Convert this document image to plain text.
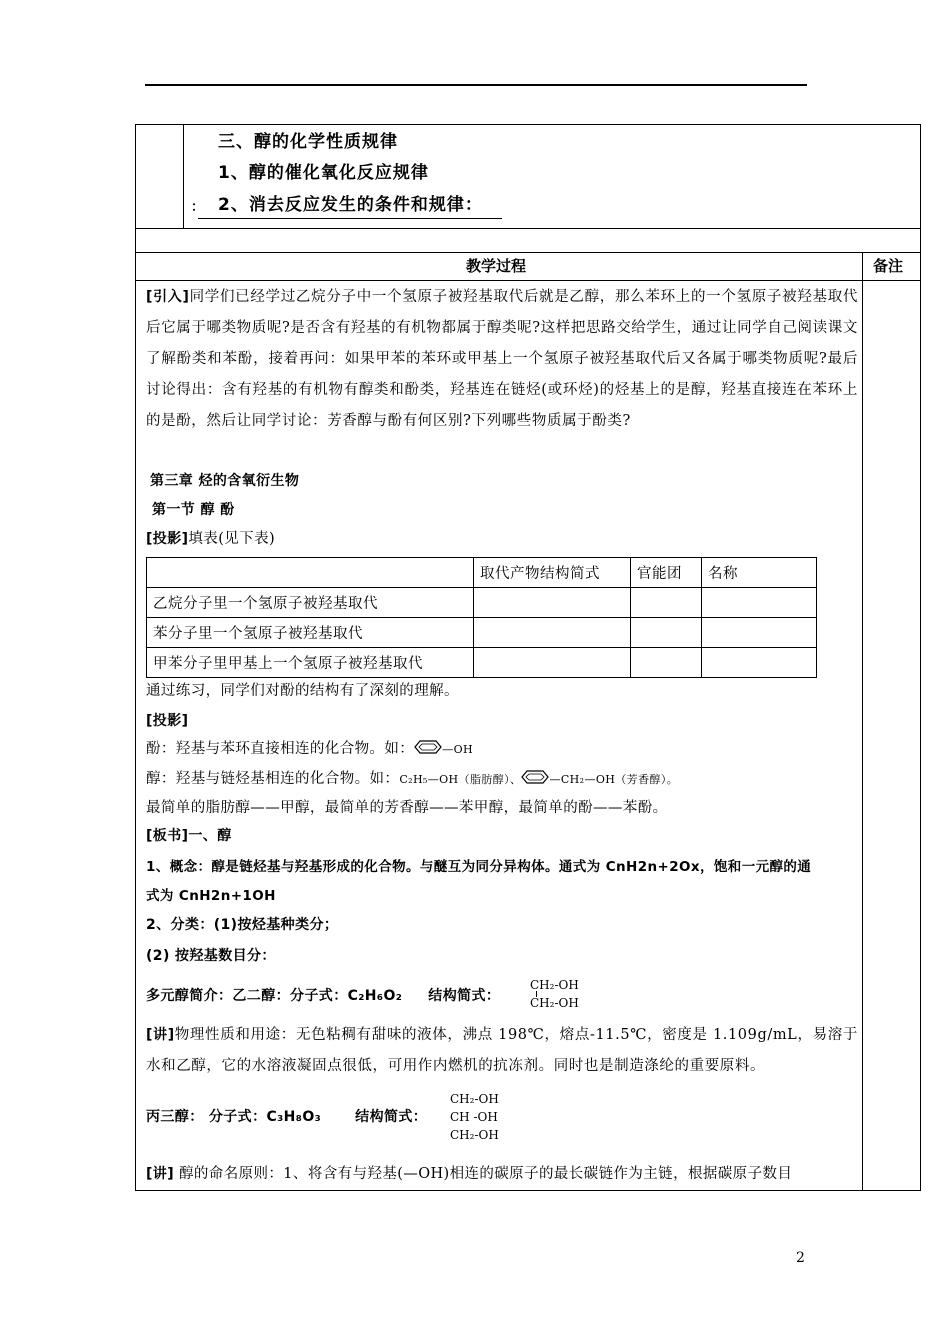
三、醇的化学性质规律
1、醇的催化氧化反应规律
： 2、消去反应发生的条件和规律：
教学过程	备注
[引入]同学们已经学过乙烷分子中一个氢原子被羟基取代后就是乙醇，那么苯环上的一个氢原子被羟基取代后它属于哪类物质呢?是否含有羟基的有机物都属于醇类呢?这样把思路交给学生，通过让同学自己阅读课文了解酚类和苯酚，接着再问：如果甲苯的苯环或甲基上一个氢原子被羟基取代后又各属于哪类物质呢?最后讨论得出：含有羟基的有机物有醇类和酚类，羟基连在链烃(或环烃)的烃基上的是醇，羟基直接连在苯环上的是酚，然后让同学讨论：芳香醇与酚有何区别?下列哪些物质属于酚类?
第三章 烃的含氧衍生物
第一节 醇 酚
[投影]填表(见下表)
	取代产物结构简式	官能团	名称
乙烷分子里一个氢原子被羟基取代			
苯分子里一个氢原子被羟基取代			
甲苯分子里甲基上一个氢原子被羟基取代			
通过练习，同学们对酚的结构有了深刻的理解。
[投影]
酚：羟基与苯环直接相连的化合物。如：	—OH
醇：羟基与链烃基相连的化合物。如：C₂H₅—OH（脂肪醇）、	—CH₂—OH（芳香醇）。
最简单的脂肪醇——甲醇，最简单的芳香醇——苯甲醇，最简单的酚——苯酚。
[板书]一、醇
1、概念：醇是链烃基与羟基形成的化合物。与醚互为同分异构体。通式为 CnH2n+2Ox，饱和一元醇的通
式为 CnH2n+1OH
2、分类：(1)按烃基种类分；
(2) 按羟基数目分：
多元醇简介：乙二醇：分子式：C₂H₆O₂ 结构简式：
CH₂-OH
CH₂-OH
[讲]物理性质和用途：无色粘稠有甜味的液体，沸点 198℃，熔点-11.5℃，密度是 1.109g/mL，易溶于水和乙醇，它的水溶液凝固点很低，可用作内燃机的抗冻剂。同时也是制造涤纶的重要原料。
丙三醇： 分子式：C₃H₈O₃ 结构简式：
CH₂-OH
CH -OH
CH₂-OH
[讲] 醇的命名原则：1、将含有与羟基(—OH)相连的碳原子的最长碳链作为主链，根据碳原子数目
2
